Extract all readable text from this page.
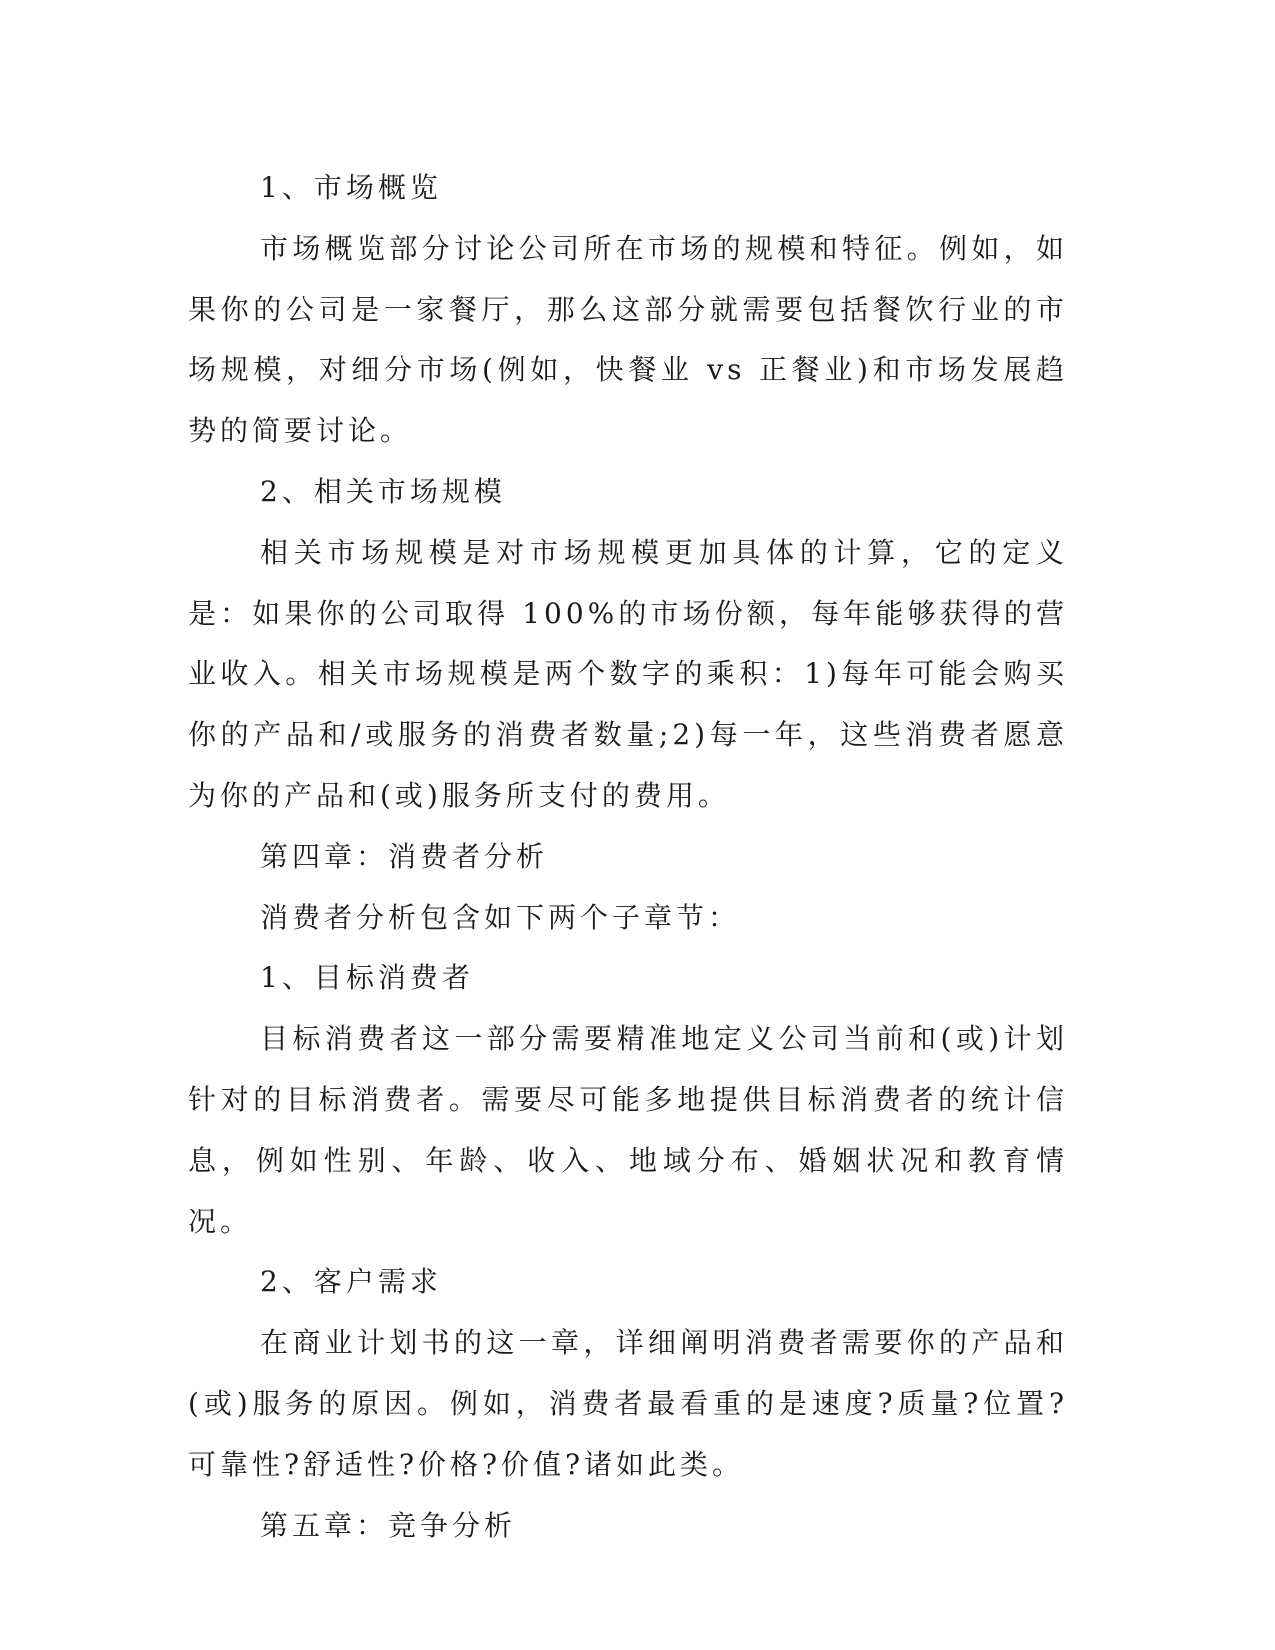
1、市场概览

市场概览部分讨论公司所在市场的规模和特征。例如，如果你的公司是一家餐厅，那么这部分就需要包括餐饮行业的市场规模，对细分市场(例如，快餐业 vs 正餐业)和市场发展趋势的简要讨论。

2、相关市场规模

相关市场规模是对市场规模更加具体的计算，它的定义是：如果你的公司取得 100%的市场份额，每年能够获得的营业收入。相关市场规模是两个数字的乘积：1)每年可能会购买你的产品和/或服务的消费者数量;2)每一年，这些消费者愿意为你的产品和(或)服务所支付的费用。

第四章：消费者分析

消费者分析包含如下两个子章节：

1、目标消费者

目标消费者这一部分需要精准地定义公司当前和(或)计划针对的目标消费者。需要尽可能多地提供目标消费者的统计信息，例如性别、年龄、收入、地域分布、婚姻状况和教育情况。

2、客户需求

在商业计划书的这一章，详细阐明消费者需要你的产品和(或)服务的原因。例如，消费者最看重的是速度?质量?位置?可靠性?舒适性?价格?价值?诸如此类。

第五章：竞争分析
